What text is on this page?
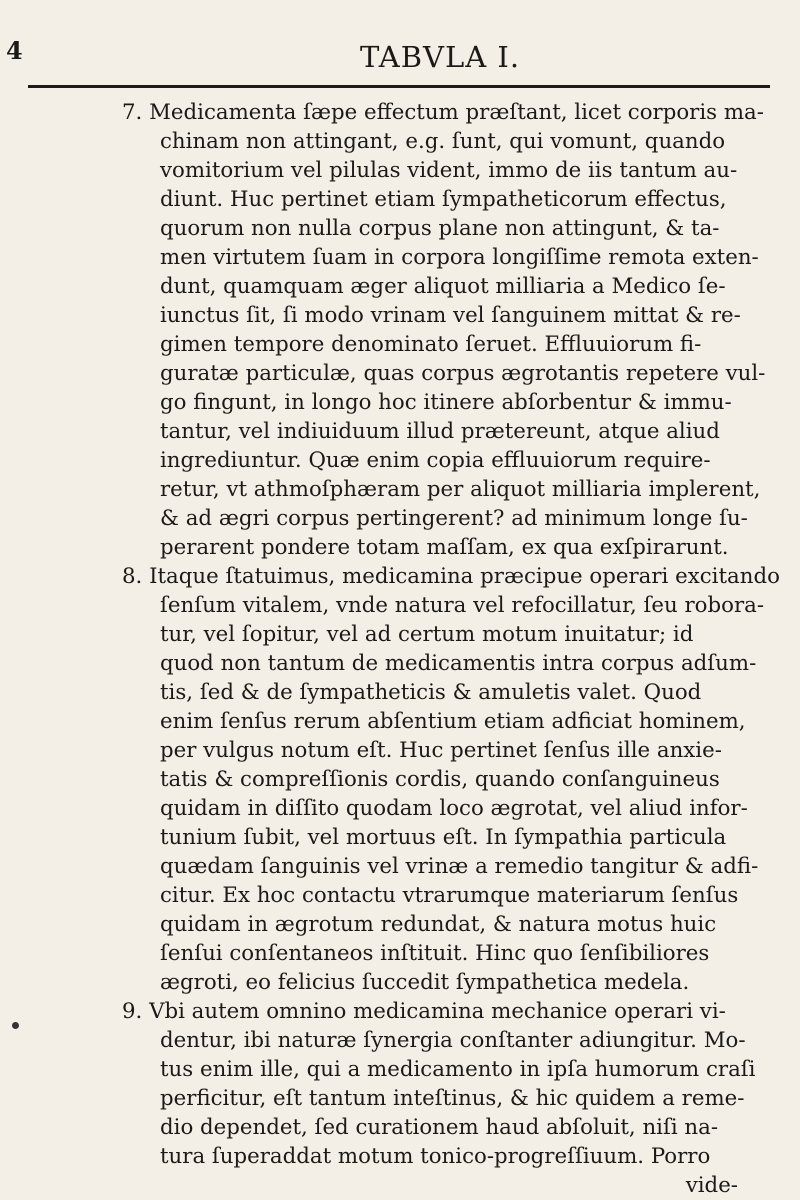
4	TABVLA I.
7. Medicamenta ſæpe effectum præſtant, licet corporis ma-
chinam non attingant, e.g. ſunt, qui vomunt, quando
vomitorium vel pilulas vident, immo de iis tantum au-
diunt. Huc pertinet etiam ſympatheticorum effectus,
quorum non nulla corpus plane non attingunt, & ta-
men virtutem ſuam in corpora longiſſime remota exten-
dunt, quamquam æger aliquot milliaria a Medico ſe-
iunctus ſit, ſi modo vrinam vel ſanguinem mittat & re-
gimen tempore denominato ſeruet. Effluuiorum fi-
guratæ particulæ, quas corpus ægrotantis repetere vul-
go fingunt, in longo hoc itinere abſorbentur & immu-
tantur, vel indiuiduum illud prætereunt, atque aliud
ingrediuntur. Quæ enim copia effluuiorum require-
retur, vt athmoſphæram per aliquot milliaria implerent,
& ad ægri corpus pertingerent? ad minimum longe ſu-
perarent pondere totam maſſam, ex qua exſpirarunt.
8. Itaque ſtatuimus, medicamina præcipue operari excitando
ſenſum vitalem, vnde natura vel refocillatur, ſeu robora-
tur, vel ſopitur, vel ad certum motum inuitatur; id
quod non tantum de medicamentis intra corpus adſum-
tis, ſed & de ſympatheticis & amuletis valet. Quod
enim ſenſus rerum abſentium etiam adficiat hominem,
per vulgus notum eſt. Huc pertinet ſenſus ille anxie-
tatis & compreſſionis cordis, quando conſanguineus
quidam in diſſito quodam loco ægrotat, vel aliud infor-
tunium ſubit, vel mortuus eſt. In ſympathia particula
quædam ſanguinis vel vrinæ a remedio tangitur & adfi-
citur. Ex hoc contactu vtrarumque materiarum ſenſus
quidam in ægrotum redundat, & natura motus huic
ſenſui conſentaneos inſtituit. Hinc quo ſenſibiliores
ægroti, eo felicius ſuccedit ſympathetica medela.
9. Vbi autem omnino medicamina mechanice operari vi-
dentur, ibi naturæ ſynergia conſtanter adiungitur. Mo-
tus enim ille, qui a medicamento in ipſa humorum craſi
perficitur, eſt tantum inteſtinus, & hic quidem a reme-
dio dependet, ſed curationem haud abſoluit, niſi na-
tura ſuperaddat motum tonico-progreſſiuum. Porro
vide-
